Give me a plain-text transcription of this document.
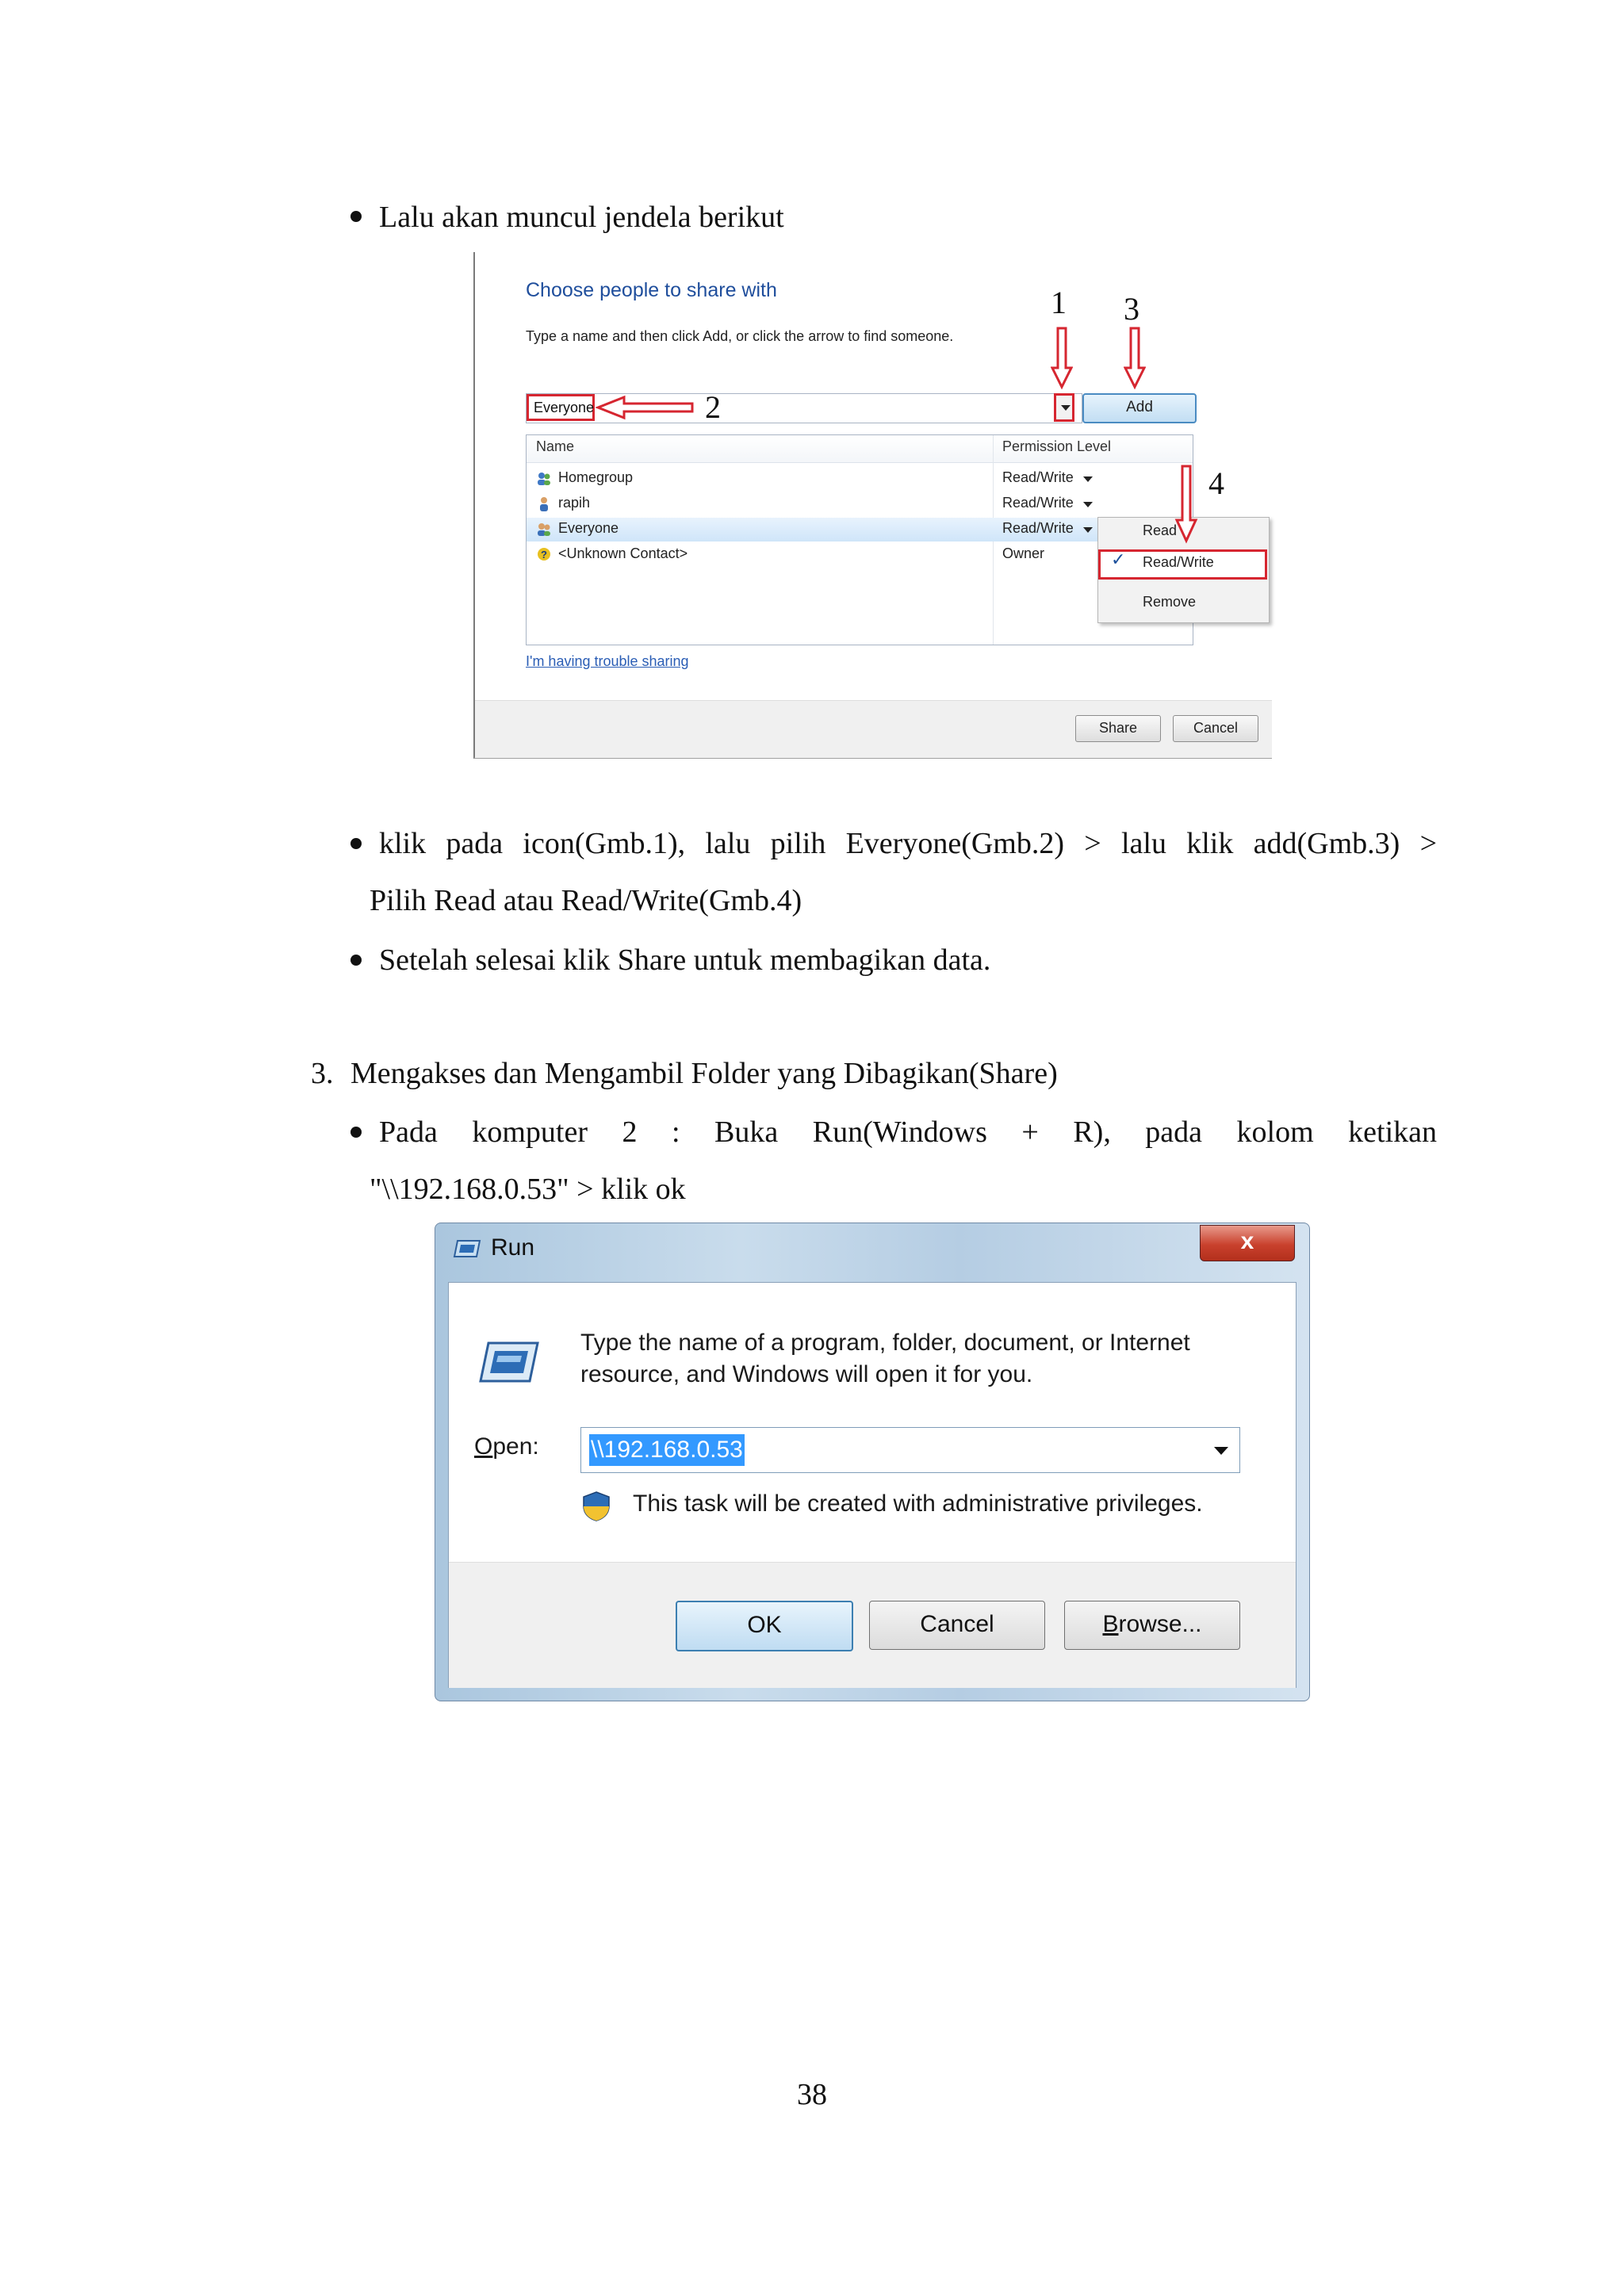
Lalu akan muncul jendela berikut
Choose people to share with
Type a name and then click Add, or click the arrow to find someone.
Everyone	Add
Name	Permission Level
Homegroup	Read/Write
rapih	Read/Write
Everyone	Read/Write
? <Unknown Contact>	Owner
Read
✓ Read/Write
Remove
I'm having trouble sharing
Share	Cancel
1 3
2
4
klik pada icon(Gmb.1), lalu pilih Everyone(Gmb.2) > lalu klik add(Gmb.3) >
Pilih Read atau Read/Write(Gmb.4)
Setelah selesai klik Share untuk membagikan data.
3. Mengakses dan Mengambil Folder yang Dibagikan(Share)
Pada komputer 2 : Buka Run(Windows + R), pada kolom ketikan
"\\192.168.0.53" > klik ok
Run	x
Type the name of a program, folder, document, or Internet resource, and Windows will open it for you.
Open: \\192.168.0.53
This task will be created with administrative privileges.
OK	Cancel	Browse...
38
